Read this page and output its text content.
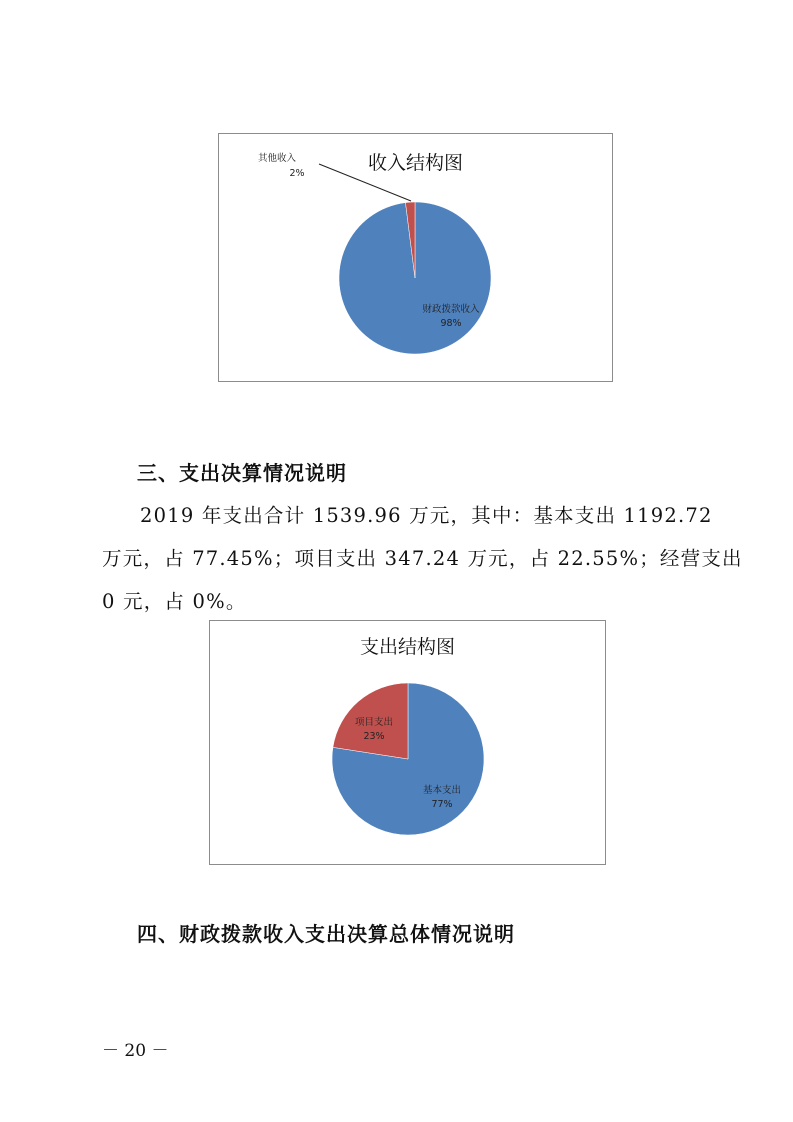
收入结构图
其他收入
2%
财政拨款收入
98%
三、支出决算情况说明
2019 年支出合计 1539.96 万元，其中：基本支出 1192.72
万元，占 77.45%；项目支出 347.24 万元，占 22.55%；经营支出
0 元，占 0%。
支出结构图
基本支出
77%
项目支出
23%
四、财政拨款收入支出决算总体情况说明
－ 20 －
